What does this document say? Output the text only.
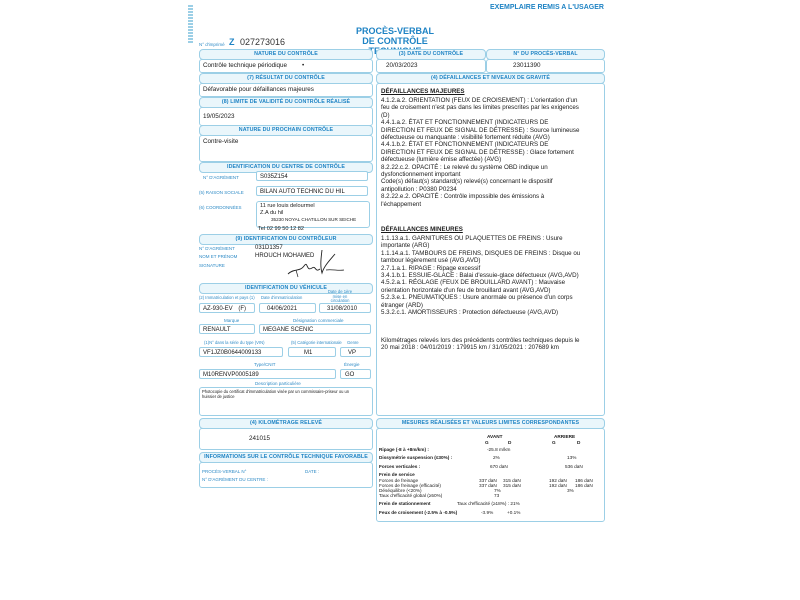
EXEMPLAIRE REMIS A L'USAGER
PROCÈS-VERBAL
DE CONTRÔLE
N° d'imprimé Z 027273016
NATURE DU CONTRÔLE
Contrôle technique périodique •
(7) RÉSULTAT DU CONTRÔLE
Défavorable pour défaillances majeures
(8) LIMITE DE VALIDITÉ DU CONTRÔLE RÉALISÉ
19/05/2023
NATURE DU PROCHAIN CONTRÔLE
Contre-visite
IDENTIFICATION DU CENTRE DE CONTRÔLE
N° D'AGRÉMENT	S035Z154
(5) RAISON SOCIALE	BILAN AUTO TECHNIC DU HIL
(6) COORDONNÉES	11 rue louis delourmel
Z.A du hil
35230 NOYAL CHATILLON SUR SEICHE
Tel 02 99 50 12 82
(9) IDENTIFICATION DU CONTRÔLEUR
N° D'AGRÉMENT	031D1357
NOM ET PRÉNOM	HROUCH MOHAMED
SIGNATURE
IDENTIFICATION DU VÉHICULE
(2) Immatriculation et pays (1) Date d'immatriculation
Date de 1ère mise en circulation
AZ-930-EV (F)	04/06/2021	31/08/2010
Marque	Désignation commerciale
RENAULT	MEGANE SCENIC
(1)N° dans la série du type (VIN)	(5) Catégorie internationale Genre
VF1JZ0B0644009133	M1	VP
Type/CNIT	Énergie
M10RENVP0005189	GO
Description particulière
Photocopie du certificat d'immatriculation visée par un commissaire-priseur ou un
huissier de justice
(4) KILOMÉTRAGE RELEVÉ
241015
INFORMATIONS SUR LE CONTRÔLE TECHNIQUE FAVORABLE
PROCÈS-VERBAL N°	DATE :
N° D'AGRÉMENT DU CENTRE :
(3) DATE DU CONTRÔLE
20/03/2023
N° DU PROCÈS-VERBAL
23011390
(4) DÉFAILLANCES ET NIVEAUX DE GRAVITÉ
DÉFAILLANCES MAJEURES
4.1.2.a.2. ORIENTATION (FEUX DE CROISEMENT) : L'orientation d'un
feu de croisement n'est pas dans les limites prescrites par les exigences
(D)
4.4.1.a.2. ÉTAT ET FONCTIONNEMENT (INDICATEURS DE
DIRECTION ET FEUX DE SIGNAL DE DÉTRESSE) : Source lumineuse
défectueuse ou manquante : visibilité fortement réduite (AVG)
4.4.1.b.2. ÉTAT ET FONCTIONNEMENT (INDICATEURS DE
DIRECTION ET FEUX DE SIGNAL DE DÉTRESSE) : Glace fortement
défectueuse (lumière émise affectée) (AVG)
8.2.22.c.2. OPACITÉ : Le relevé du système OBD indique un
dysfonctionnement important
Code(s) défaut(s) standard(s) relevé(s) concernant le dispositif
antipollution : P0380 P0234
8.2.22.e.2. OPACITÉ : Contrôle impossible des émissions à
l'échappement
DÉFAILLANCES MINEURES
1.1.13.a.1. GARNITURES OU PLAQUETTES DE FREINS : Usure
importante (ARG)
1.1.14.a.1. TAMBOURS DE FREINS, DISQUES DE FREINS : Disque ou
tambour légèrement usé (AVG,AVD)
2.7.1.a.1. RIPAGE : Ripage excessif
3.4.1.b.1. ESSUIE-GLACE : Balai d'essuie-glace défectueux (AVG,AVD)
4.5.2.a.1. RÉGLAGE (FEUX DE BROUILLARD AVANT) : Mauvaise
orientation horizontale d'un feu de brouillard avant (AVG,AVD)
5.2.3.e.1. PNEUMATIQUES : Usure anormale ou présence d'un corps
étranger (ARD)
5.3.2.c.1. AMORTISSEURS : Protection défectueuse (AVG,AVD)
Kilométrages relevés lors des précédents contrôles techniques depuis le
20 mai 2018 : 04/01/2019 : 179915 km / 31/05/2021 : 207689 km
MESURES RÉALISÉES ET VALEURS LIMITES CORRESPONDANTES
AVANT	ARRIERE
G	D	G	D
Ripage (-8 à +8m/km) :	-25.8 m/km
Dissymétrie suspension (≤30%) :	2%	13%
Forces verticales :	670 daN	536 daN
Frein de service
Forces de freinage	337 daN 315 daN	192 daN 186 daN
Forces de freinage (efficacité)	337 daN 315 daN	192 daN 186 daN
Déséquilibre (<20%)	7%	3%
Taux d'efficacité global (≥50%)	73
Frein de stationnement	Taux d'efficacité (≥18%) : 21%
Feux de croisement (-2.5% à -0.5%)	-3.9%	+0.1%
